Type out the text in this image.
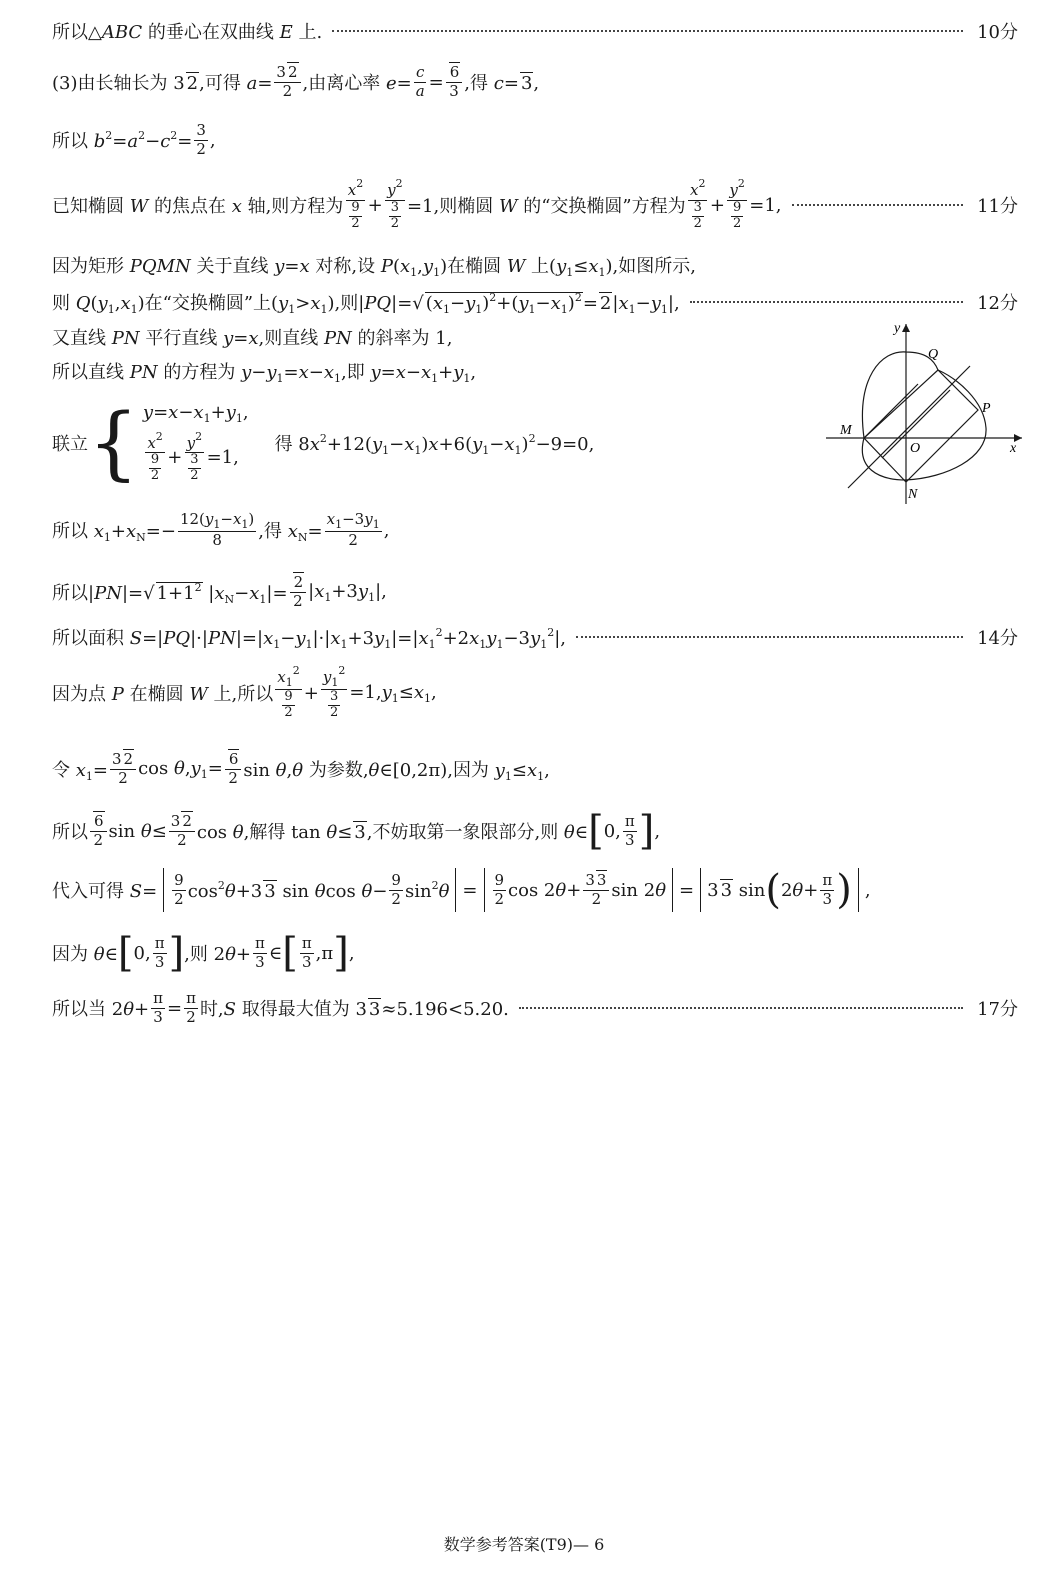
所以△ABC 的垂心在双曲线 E 上.	10分
(3)由长轴长为 3 2,可得 $a= \frac{3 2}{2}$ ,由离心率 $e= \frac{c}{a} = \frac{6}{3}$ ,得 c= 3,
所以 $b^2=a^2-c^2= \frac{3}{2}$ ,
已知椭圆 W 的焦点在 x 轴,则方程为 $\frac{x^2}{\frac{9}{2}} + \frac{y^2}{\frac{3}{2}} =1$,则椭圆 W 的“交换椭圆”方程为 $\frac{x^2}{\frac{3}{2}} + \frac{y^2}{\frac{9}{2}} =1$,	11分
因为矩形 PQMN 关于直线 y=x 对称,设 $P(x_1,y_1)$在椭圆 W 上$(y_1\le x_1)$,如图所示,
则 $Q(y_1,x_1)$在“交换椭圆”上$(y_1>x_1)$,则|PQ|=√ $(x_1-y_1)^2+(y_1-x_1)^2= 2|x_1-y_1|$,	12分
又直线 PN 平行直线 y=x,则直线 PN 的斜率为 1,
所以直线 PN 的方程为 $y-y_1=x-x_1$,即 $y=x-x_1+y_1$,
联立 { $y=x-x_1+y_1$,
$\frac{x^2}{\frac{9}{2}} + \frac{y^2}{\frac{3}{2}} =1$,
得 $8x^2+12(y_1-x_1)x+6(y_1-x_1)^2-9=0$,
所以 $x_1+x_N=- \frac{12(y_1-x_1)}{8}$ ,得 $x_N= \frac{x_1-3y_1}{2}$ ,
所以|PN|=√ $1+1^2$ $|x_N-x_1|= \frac{2}{2} |x_1+3y_1|$,
所以面积 $S=|PQ|\cdot|PN|=|x_1-y_1|\cdot|x_1+3y_1|=|x_1^2+2x_1y_1-3y_1^2|$,	14分
因为点 P 在椭圆 W 上,所以 $\frac{x_1^2}{\frac{9}{2}} + \frac{y_1^2}{\frac{3}{2}} =1,y_1\le x_1$,
令 $x_1= \frac{3 2}{2}$ $\cos \theta,y_1= \frac{6}{2}$ sin θ,θ 为参数,θ∈[0,2π),因为 $y_1\le x_1$,
所以 $\frac{6}{2}$ $\sin \theta\le \frac{3 2}{2}$ cos θ,解得 tan θ≤ 3,不妨取第一象限部分,则 θ∈ [ 0, $\frac{\pi}{3}$ ] ,
代入可得 $S= \frac{9}{2} \cos^2\theta+3$ 3 sin θcos $\theta- \frac{9}{2} \sin^2\theta = \frac{9}{2}$ $\cos 2\theta+ \frac{3 3}{2}$ sin 2θ = 3 3 sin ( $2\theta+ \frac{\pi}{3}$ ) ,
因为 θ∈ [ 0, $\frac{\pi}{3}$ ] ,则 $2\theta+ \frac{\pi}{3}$ ∈ [ $\frac{\pi}{3} ,\pi$ ] ,
所以当 $2\theta+ \frac{\pi}{3} = \frac{\pi}{2}$ 时,S 取得最大值为 3 3≈5.196<5.20.	17分
y
x
Q
P
M
O
N
数学参考答案(T9)— 6
